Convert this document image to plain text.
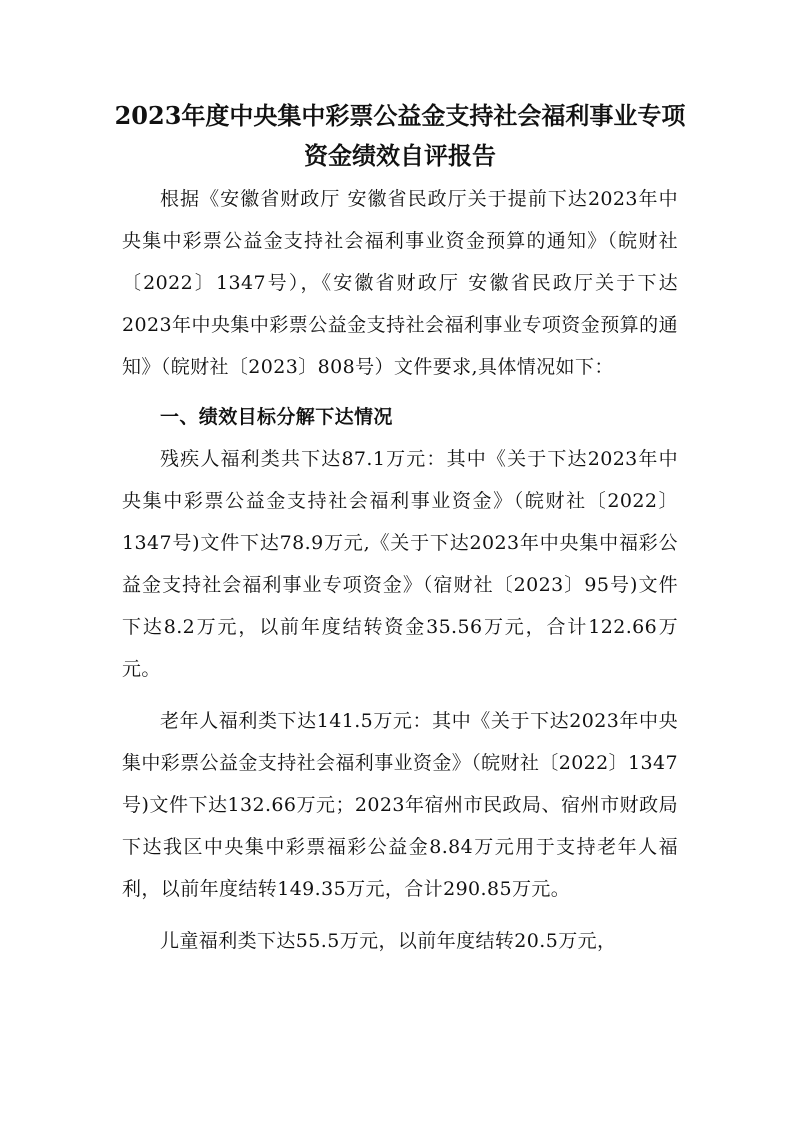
2023年度中央集中彩票公益金支持社会福利事业专项资金绩效自评报告

根据《安徽省财政厅 安徽省民政厅关于提前下达2023年中央集中彩票公益金支持社会福利事业资金预算的通知》（皖财社〔2022〕1347号），《安徽省财政厅 安徽省民政厅关于下达2023年中央集中彩票公益金支持社会福利事业专项资金预算的通知》（皖财社〔2023〕808号）文件要求,具体情况如下：

一、绩效目标分解下达情况

残疾人福利类共下达87.1万元：其中《关于下达2023年中央集中彩票公益金支持社会福利事业资金》（皖财社〔2022〕1347号)文件下达78.9万元,《关于下达2023年中央集中福彩公益金支持社会福利事业专项资金》（宿财社〔2023〕95号)文件下达8.2万元，以前年度结转资金35.56万元，合计122.66万元。

老年人福利类下达141.5万元：其中《关于下达2023年中央集中彩票公益金支持社会福利事业资金》（皖财社〔2022〕1347号)文件下达132.66万元；2023年宿州市民政局、宿州市财政局下达我区中央集中彩票福彩公益金8.84万元用于支持老年人福利，以前年度结转149.35万元，合计290.85万元。

儿童福利类下达55.5万元，以前年度结转20.5万元，
